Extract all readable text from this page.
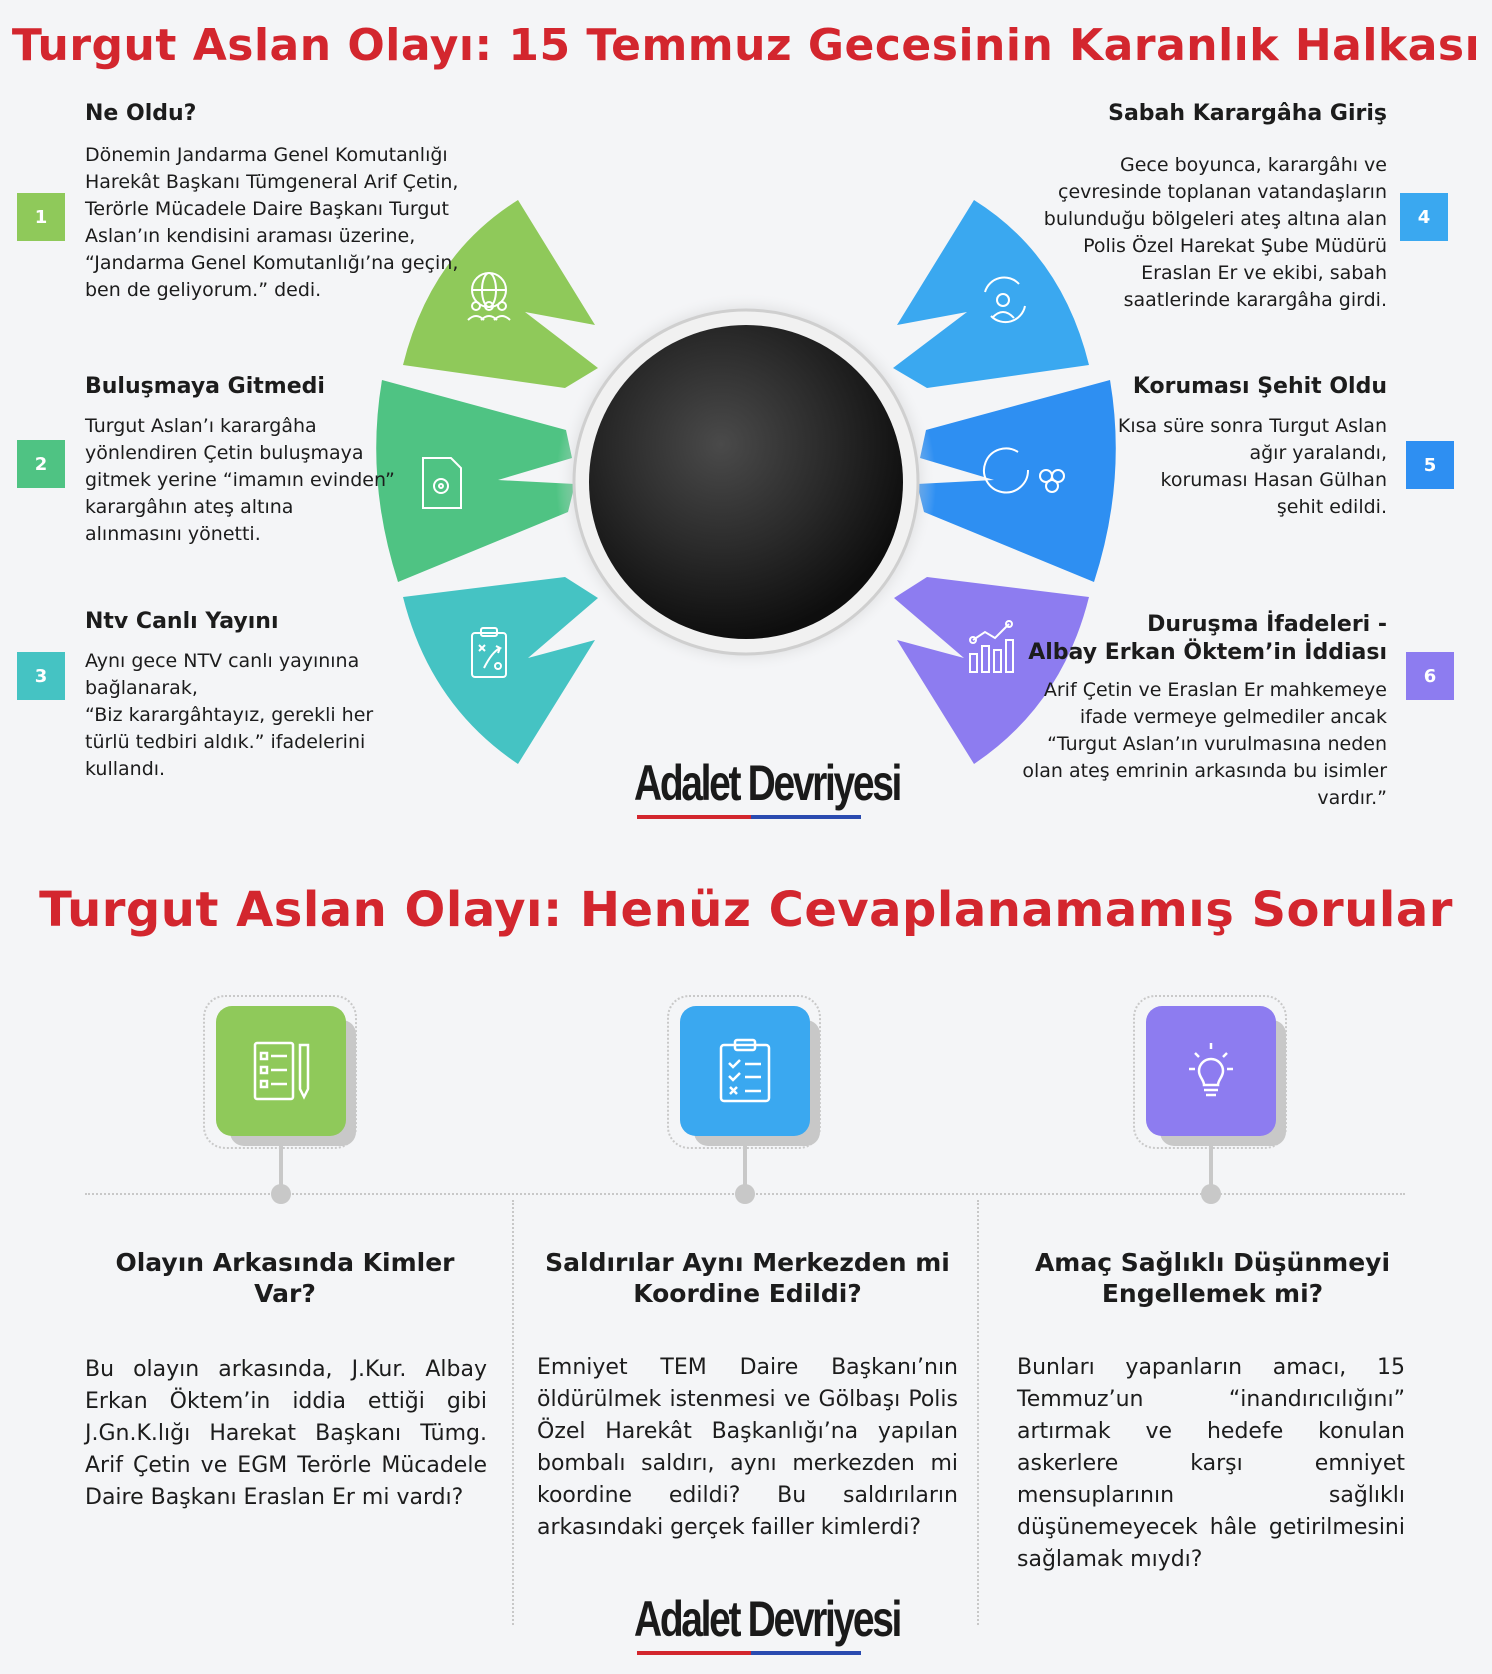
Turgut Aslan Olayı: 15 Temmuz Gecesinin Karanlık Halkası
1
Ne Oldu?
Dönemin Jandarma Genel Komutanlığı
Harekât Başkanı Tümgeneral Arif Çetin,
Terörle Mücadele Daire Başkanı Turgut
Aslan’ın kendisini araması üzerine,
“Jandarma Genel Komutanlığı’na geçin,
ben de geliyorum.” dedi.
2
Buluşmaya Gitmedi
Turgut Aslan’ı karargâha
yönlendiren Çetin buluşmaya
gitmek yerine “imamın evinden”
karargâhın ateş altına
alınmasını yönetti.
3
Ntv Canlı Yayını
Aynı gece NTV canlı yayınına
bağlanarak,
“Biz karargâhtayız, gerekli her
türlü tedbiri aldık.” ifadelerini
kullandı.
4
Sabah Karargâha Giriş
Gece boyunca, karargâhı ve
çevresinde toplanan vatandaşların
bulunduğu bölgeleri ateş altına alan
Polis Özel Harekat Şube Müdürü
Eraslan Er ve ekibi, sabah
saatlerinde karargâha girdi.
5
Koruması Şehit Oldu
Kısa süre sonra Turgut Aslan
ağır yaralandı,
koruması Hasan Gülhan
şehit edildi.
6
Duruşma İfadeleri -
Albay Erkan Öktem’in İddiası
Arif Çetin ve Eraslan Er mahkemeye
ifade vermeye gelmediler ancak
“Turgut Aslan’ın vurulmasına neden
olan ateş emrinin arkasında bu isimler
vardır.”
Adalet Devriyesi
Turgut Aslan Olayı: Henüz Cevaplanamamış Sorular
Olayın Arkasında Kimler Var?
Bu olayın arkasında, J.Kur. Albay Erkan Öktem’in iddia ettiği gibi J.Gn.K.lığı Harekat Başkanı Tümg. Arif Çetin ve EGM Terörle Mücadele Daire Başkanı Eraslan Er mi vardı?
Saldırılar Aynı Merkezden mi Koordine Edildi?
Emniyet TEM Daire Başkanı’nın öldürülmek istenmesi ve Gölbaşı Polis Özel Harekât Başkanlığı’na yapılan bombalı saldırı, aynı merkezden mi koordine edildi? Bu saldırıların arkasındaki gerçek failler kimlerdi?
Amaç Sağlıklı Düşünmeyi Engellemek mi?
Bunları yapanların amacı, 15 Temmuz’un “inandırıcılığını” artırmak ve hedefe konulan askerlere karşı emniyet mensuplarının sağlıklı düşünemeyecek hâle getirilmesini sağlamak mıydı?
Adalet Devriyesi
